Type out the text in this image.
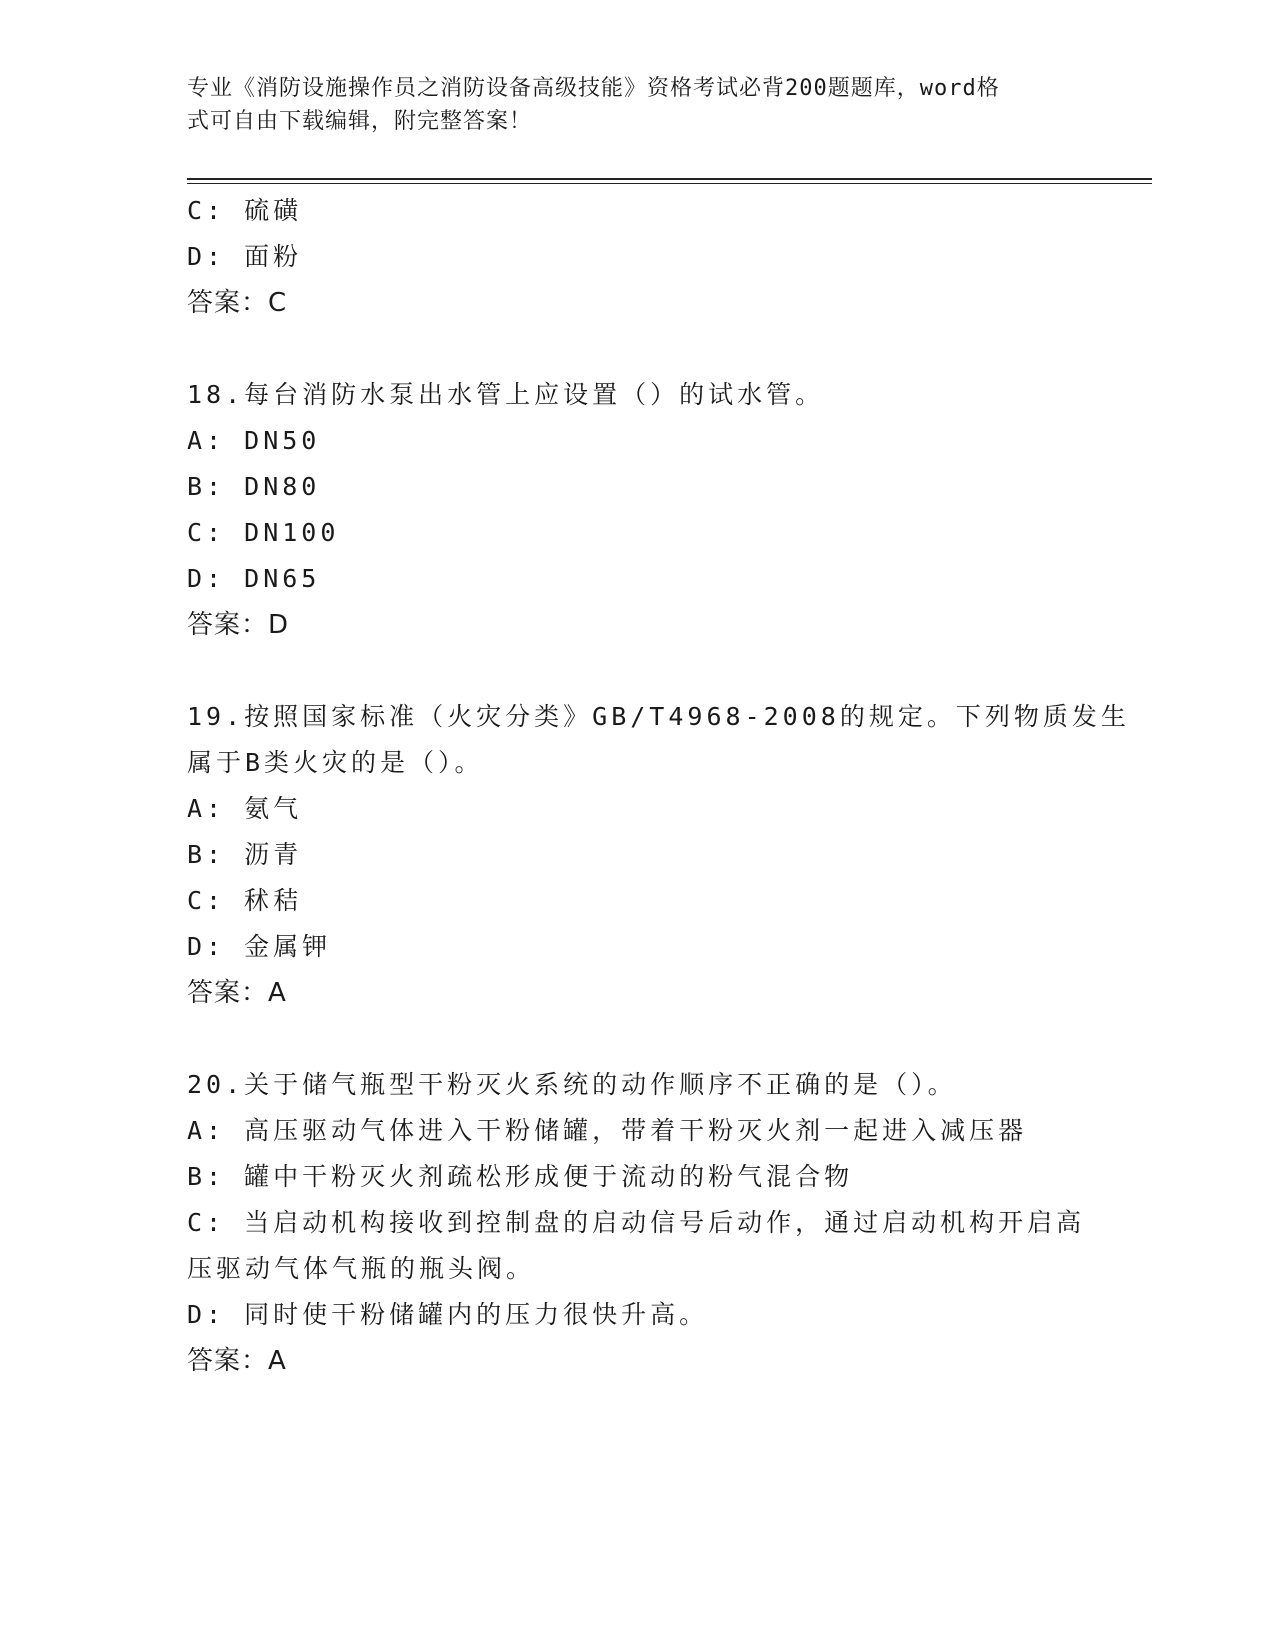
专业《消防设施操作员之消防设备高级技能》资格考试必背200题题库，word格
式可自由下载编辑，附完整答案！
C: 硫磺
D: 面粉
答案：C
18.每台消防水泵出水管上应设置（）的试水管。
A: DN50
B: DN80
C: DN100
D: DN65
答案：D
19.按照国家标准（火灾分类》GB/T4968-2008的规定。下列物质发生
属于B类火灾的是（）。
A: 氨气
B: 沥青
C: 秫秸
D: 金属钾
答案：A
20.关于储气瓶型干粉灭火系统的动作顺序不正确的是（）。
A: 高压驱动气体进入干粉储罐，带着干粉灭火剂一起进入减压器
B: 罐中干粉灭火剂疏松形成便于流动的粉气混合物
C: 当启动机构接收到控制盘的启动信号后动作，通过启动机构开启高
压驱动气体气瓶的瓶头阀。
D: 同时使干粉储罐内的压力很快升高。
答案：A
